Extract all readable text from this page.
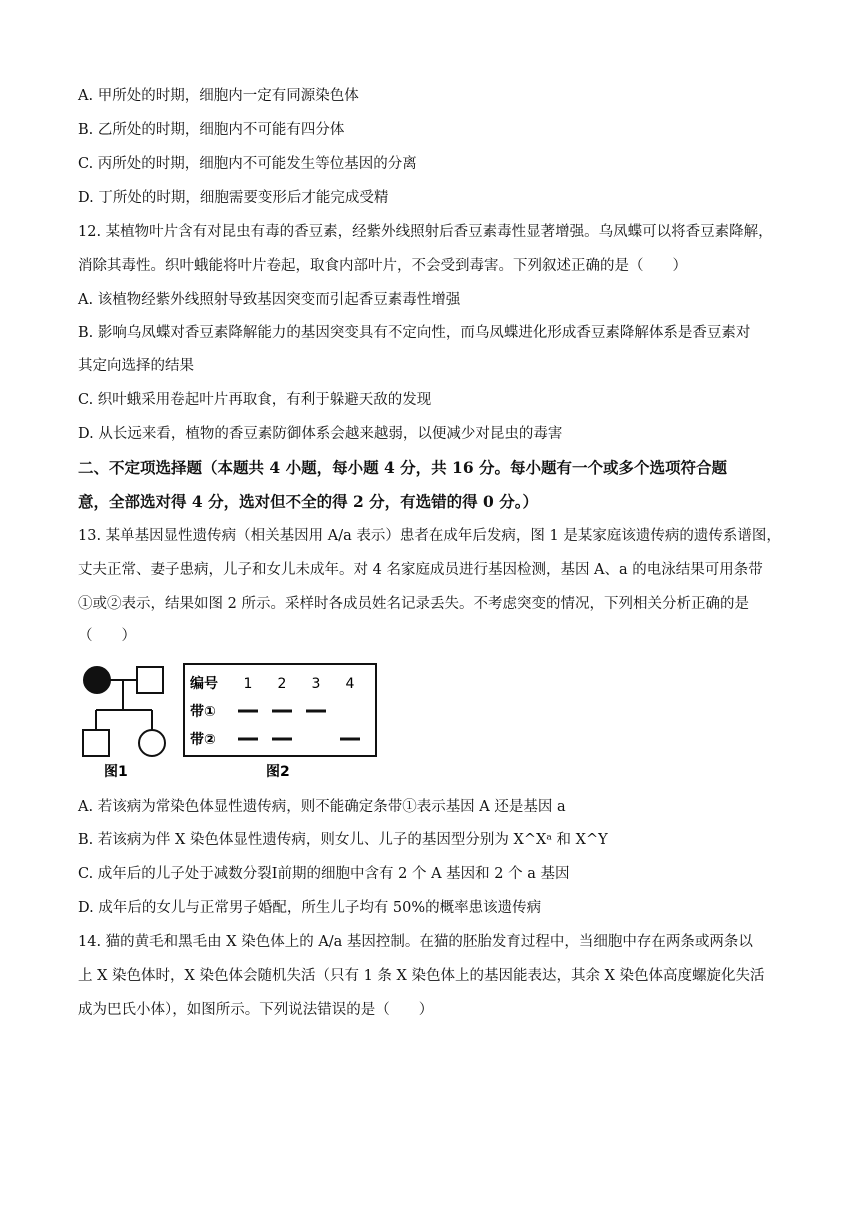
A. 甲所处的时期，细胞内一定有同源染色体
B. 乙所处的时期，细胞内不可能有四分体
C. 丙所处的时期，细胞内不可能发生等位基因的分离
D. 丁所处的时期，细胞需要变形后才能完成受精
12. 某植物叶片含有对昆虫有毒的香豆素，经紫外线照射后香豆素毒性显著增强。乌凤蝶可以将香豆素降解，
消除其毒性。织叶蛾能将叶片卷起，取食内部叶片，不会受到毒害。下列叙述正确的是（　　）
A. 该植物经紫外线照射导致基因突变而引起香豆素毒性增强
B. 影响乌凤蝶对香豆素降解能力的基因突变具有不定向性，而乌凤蝶进化形成香豆素降解体系是香豆素对
其定向选择的结果
C. 织叶蛾采用卷起叶片再取食，有利于躲避天敌的发现
D. 从长远来看，植物的香豆素防御体系会越来越弱，以便减少对昆虫的毒害
二、不定项选择题（本题共 4 小题，每小题 4 分，共 16 分。每小题有一个或多个选项符合题
意，全部选对得 4 分，选对但不全的得 2 分，有选错的得 0 分。）
13. 某单基因显性遗传病（相关基因用 A/a 表示）患者在成年后发病，图 1 是某家庭该遗传病的遗传系谱图，
丈夫正常、妻子患病，儿子和女儿未成年。对 4 名家庭成员进行基因检测，基因 A、a 的电泳结果可用条带
①或②表示，结果如图 2 所示。采样时各成员姓名记录丢失。不考虑突变的情况，下列相关分析正确的是
（　　）
图1
编号 1 2 3 4
带①
带②
图2
A. 若该病为常染色体显性遗传病，则不能确定条带①表示基因 A 还是基因 a
B. 若该病为伴 X 染色体显性遗传病，则女儿、儿子的基因型分别为 X^Xᵃ 和 X^Y
C. 成年后的儿子处于减数分裂Ⅰ前期的细胞中含有 2 个 A 基因和 2 个 a 基因
D. 成年后的女儿与正常男子婚配，所生儿子均有 50%的概率患该遗传病
14. 猫的黄毛和黑毛由 X 染色体上的 A/a 基因控制。在猫的胚胎发育过程中，当细胞中存在两条或两条以
上 X 染色体时，X 染色体会随机失活（只有 1 条 X 染色体上的基因能表达，其余 X 染色体高度螺旋化失活
成为巴氏小体），如图所示。下列说法错误的是（　　）
